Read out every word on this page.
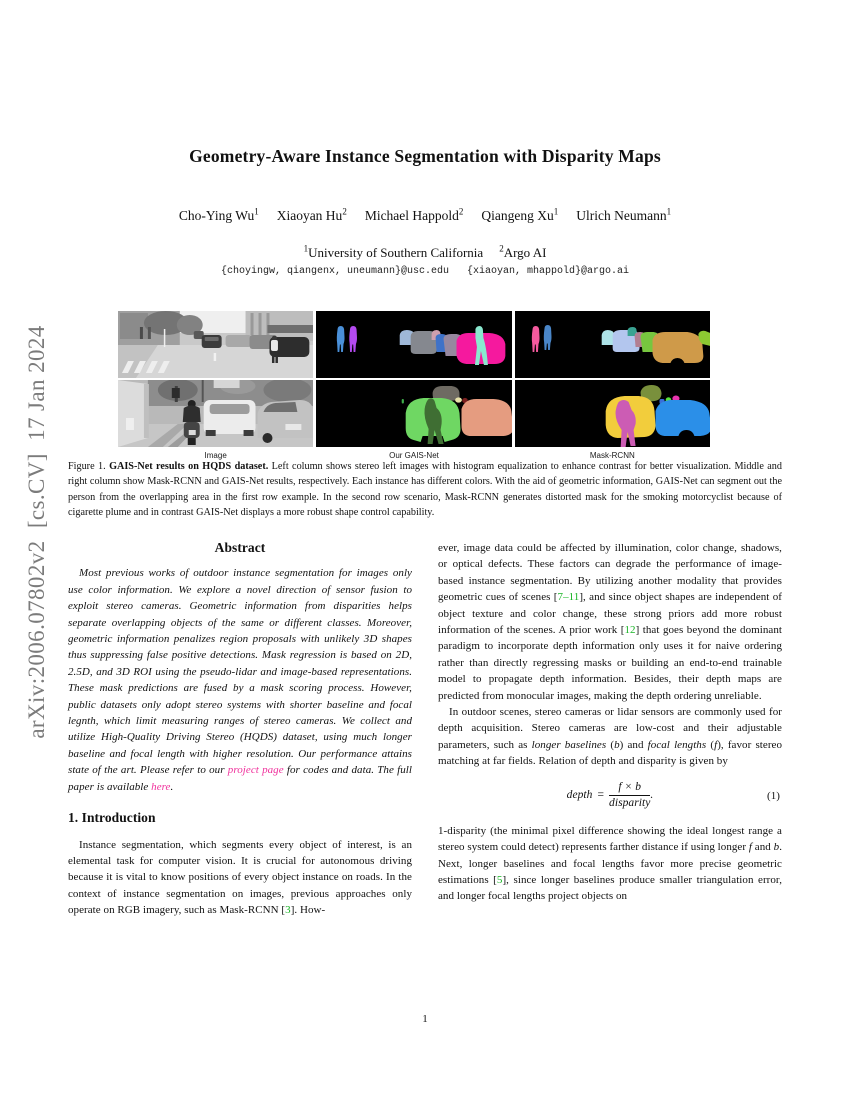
arXiv:2006.07802v2  [cs.CV]  17 Jan 2024
Geometry-Aware Instance Segmentation with Disparity Maps
Cho-Ying Wu$^1$ Xiaoyan Hu$^2$ Michael Happold$^2$ Qiangeng Xu$^1$ Ulrich Neumann$^1$
$^1$University of Southern California $^2$Argo AI
{choyingw, qiangenx, uneumann}@usc.edu {xiaoyan, mhappold}@argo.ai
Image	Our GAIS-Net	Mask-RCNN
Figure 1. GAIS-Net results on HQDS dataset. Left column shows stereo left images with histogram equalization to enhance contrast for better visualization. Middle and right column show Mask-RCNN and GAIS-Net results, respectively. Each instance has different colors. With the aid of geometric information, GAIS-Net can segment out the person from the overlapping area in the first row example. In the second row scenario, Mask-RCNN generates distorted mask for the smoking motorcyclist because of cigarette plume and in contrast GAIS-Net displays a more robust shape control capability.
Abstract

Most previous works of outdoor instance segmentation for images only use color information. We explore a novel direction of sensor fusion to exploit stereo cameras. Geometric information from disparities helps separate overlapping objects of the same or different classes. Moreover, geometric information penalizes region proposals with unlikely 3D shapes thus suppressing false positive detections. Mask regression is based on 2D, 2.5D, and 3D ROI using the pseudo-lidar and image-based representations. These mask predictions are fused by a mask scoring process. However, public datasets only adopt stereo systems with shorter baseline and focal legnth, which limit measuring ranges of stereo cameras. We collect and utilize High-Quality Driving Stereo (HQDS) dataset, using much longer baseline and focal length with higher resolution. Our performance attains state of the art. Please refer to our project page for codes and data. The full paper is available here.

1. Introduction

Instance segmentation, which segments every object of interest, is an elemental task for computer vision. It is crucial for autonomous driving because it is vital to know positions of every object instance on roads. In the context of instance segmentation on images, previous approaches only operate on RGB imagery, such as Mask-RCNN [3]. How-

ever, image data could be affected by illumination, color change, shadows, or optical defects. These factors can degrade the performance of image-based instance segmentation. By utilizing another modality that provides geometric cues of scenes [7–11], and since object shapes are independent of object texture and color change, these strong priors add more robust information of the scenes. A prior work [12] that goes beyond the dominant paradigm to incorporate depth information only uses it for naive ordering rather than directly regressing masks or building an end-to-end trainable model to propagate depth information. Besides, their depth maps are predicted from monocular images, making the depth ordering unreliable.

In outdoor scenes, stereo cameras or lidar sensors are commonly used for depth acquisition. Stereo cameras are low-cost and their adjustable parameters, such as longer baselines (b) and focal lengths (f), favor stereo matching at far fields. Relation of depth and disparity is given by

depth = $\frac{f \times b}{\text{disparity}}$ .	(1)

1-disparity (the minimal pixel difference showing the ideal longest range a stereo system could detect) represents farther distance if using longer f and b. Next, longer baselines and focal lengths favor more precise geometric estimations [5], since longer baselines produce smaller triangulation error, and longer focal lengths project objects on

1
